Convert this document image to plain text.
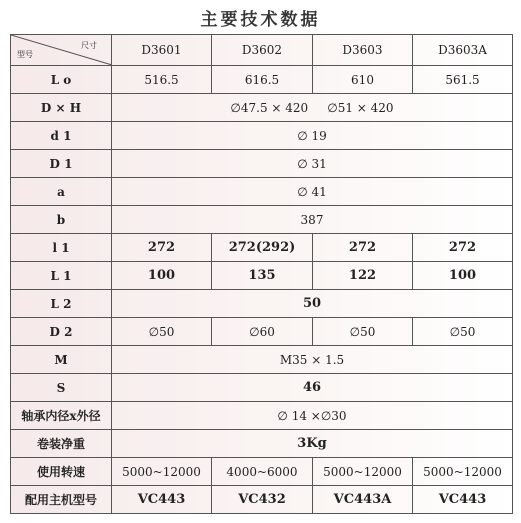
主要技术数据
尺寸
型号	D3601	D3602	D3603	D3603A
L o	516.5	616.5	610	561.5
D × H	∅47.5 × 420     ∅51 × 420			
d 1	∅ 19			
D 1	∅ 31			
a	∅ 41			
b	387			
l 1	272	272(292)	272	272
L 1	100	135	122	100
L 2	50			
D 2	∅50	∅60	∅50	∅50
M	M35 × 1.5			
S	46			
轴承内径x外径	∅ 14 ×∅30			
卷装净重	3Kg			
使用转速	5000~12000	4000~6000	5000~12000	5000~12000
配用主机型号	VC443	VC432	VC443A	VC443
